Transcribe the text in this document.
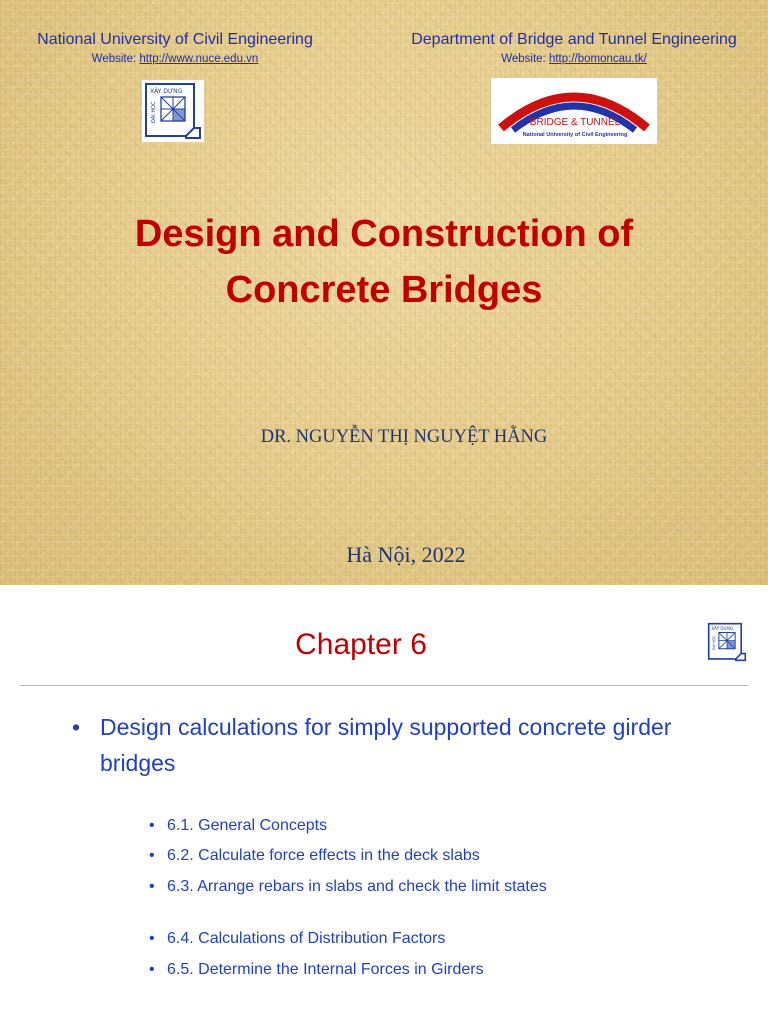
National University of Civil Engineering
Website: http://www.nuce.edu.vn
Department of Bridge and Tunnel Engineering
Website: http://bomoncau.tk/
XÂY DỰNG
ĐẠI HỌC	BRIDGE & TUNNEL
National University of Civil Engineering
Design and Construction of
Concrete Bridges
DR. NGUYỄN THỊ NGUYỆT HẰNG
Hà Nội, 2022
Chapter 6	XÂY DỰNG
ĐẠI HỌC
• Design calculations for simply supported concrete girder bridges
• 6.1. General Concepts
• 6.2. Calculate force effects in the deck slabs
• 6.3. Arrange rebars in slabs and check the limit states
• 6.4. Calculations of Distribution Factors
• 6.5. Determine the Internal Forces in Girders
